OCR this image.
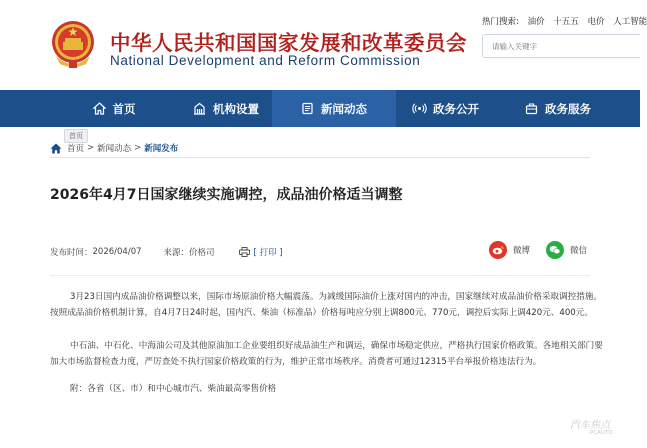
中华人民共和国国家发展和改革委员会
National Development and Reform Commission
热门搜索: 油价 十五五 电价 人工智能
请输入关键字
首页	机构设置	新闻动态	政务公开	政务服务
首页
首页 > 新闻动态 > 新闻发布
2026年4月7日国家继续实施调控，成品油价格适当调整
发布时间： 2026/04/07	来源： 价格司	[ 打印 ]	微博	微信

3月23日国内成品油价格调整以来，国际市场原油价格大幅震荡。为减缓国际油价上涨对国内的冲击，国家继续对成品油价格采取调控措施。按照成品油价格机制计算，自4月7日24时起，国内汽、柴油（标准品）价格每吨应分别上调800元、770元，调控后实际上调420元、400元。

中石油、中石化、中海油公司及其他原油加工企业要组织好成品油生产和调运，确保市场稳定供应，严格执行国家价格政策。各地相关部门要加大市场监督检查力度，严厉查处不执行国家价格政策的行为，维护正常市场秩序。消费者可通过12315平台举报价格违法行为。

附：各省（区、市）和中心城市汽、柴油最高零售价格

汽车焦点
PCAUTO
